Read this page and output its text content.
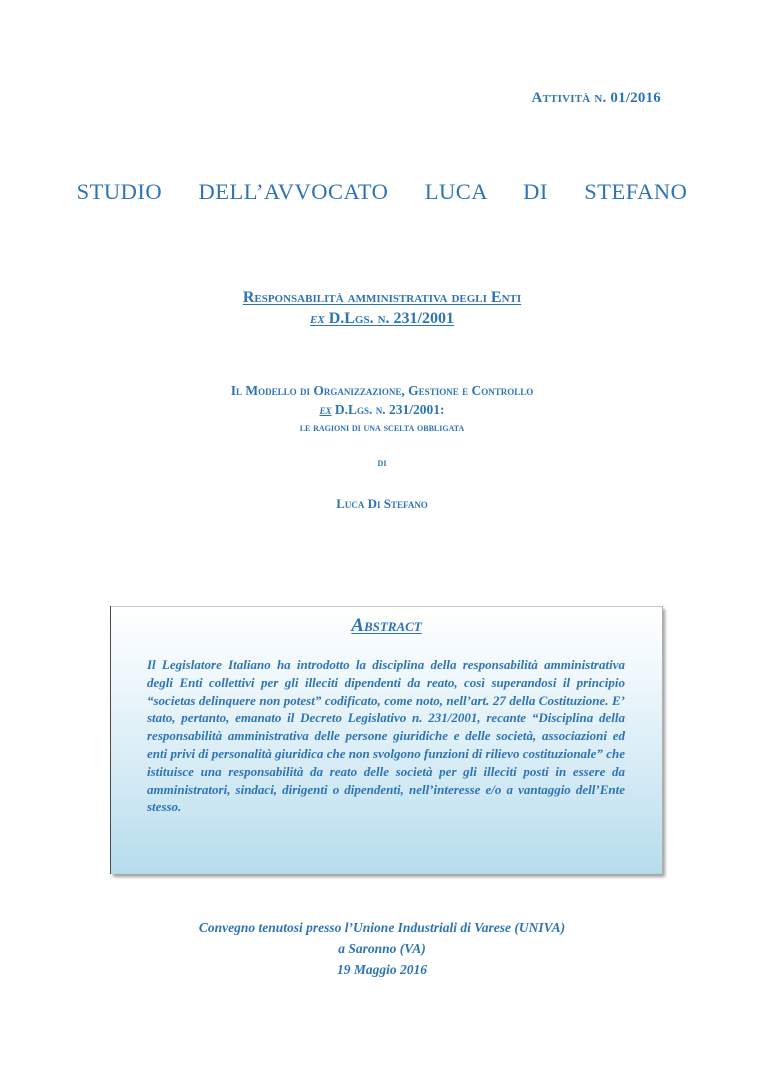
Attività n. 01/2016
STUDIO   DELL’AVVOCATO   LUCA   DI   STEFANO
Responsabilità amministrativa degli Enti
ex D.Lgs. n. 231/2001
Il Modello di Organizzazione, Gestione e Controllo
ex D.Lgs. n. 231/2001:
le ragioni di una scelta obbligata
di
Luca Di Stefano
Abstract
Il Legislatore Italiano ha introdotto la disciplina della responsabilità amministrativa degli Enti collettivi per gli illeciti dipendenti da reato, così superandosi il principio “societas delinquere non potest” codificato, come noto, nell’art. 27 della Costituzione. E’ stato, pertanto, emanato il Decreto Legislativo n. 231/2001, recante “Disciplina della responsabilità amministrativa delle persone giuridiche e delle società, associazioni ed enti privi di personalità giuridica che non svolgono funzioni di rilievo costituzionale” che istituisce una responsabilità da reato delle società per gli illeciti posti in essere da amministratori, sindaci, dirigenti o dipendenti, nell’interesse e/o a vantaggio dell’Ente stesso.
Convegno tenutosi presso l’Unione Industriali di Varese (UNIVA)
a Saronno (VA)
19 Maggio 2016
